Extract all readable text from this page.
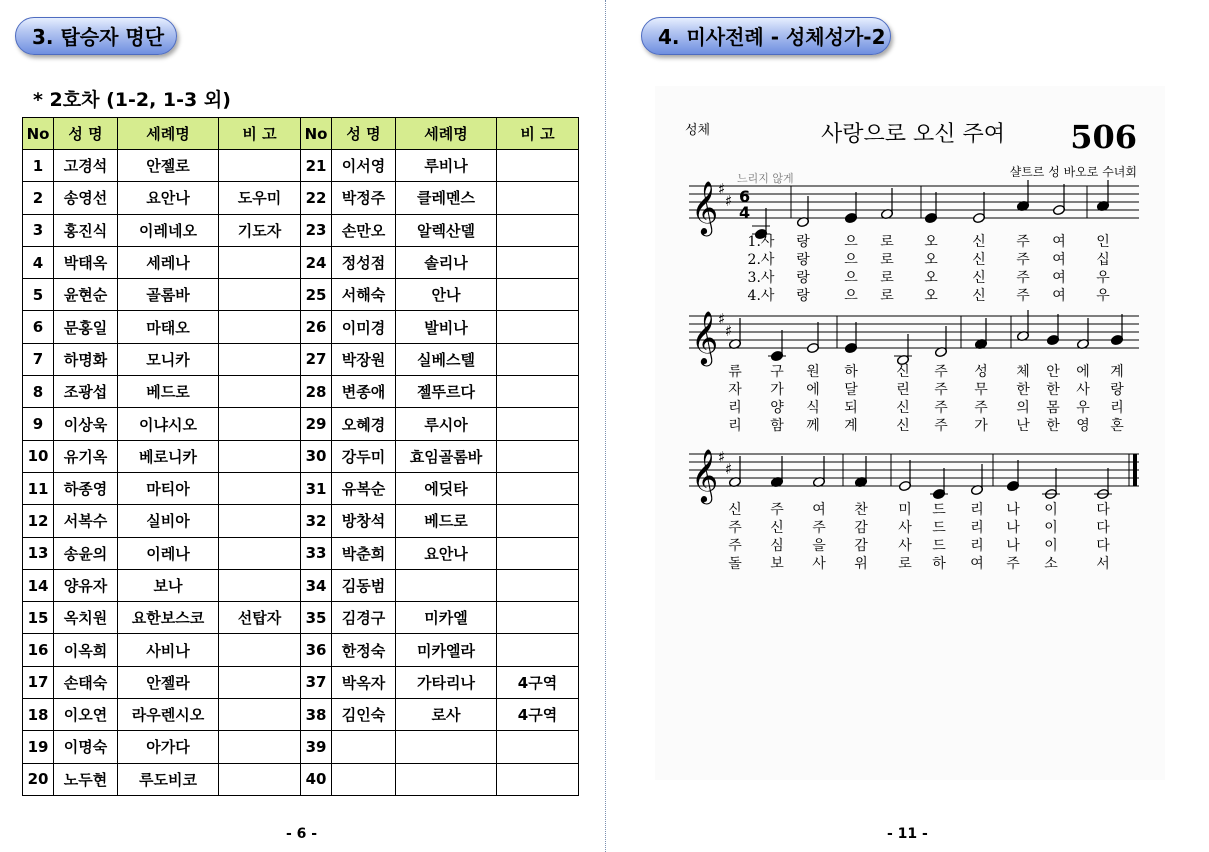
3. 탑승자 명단
* 2호차 (1-2, 1-3 외)
No	성 명	세례명	비 고	No	성 명	세례명	비 고
1	고경석	안젤로		21	이서영	루비나	
2	송영선	요안나	도우미	22	박정주	클레멘스	
3	홍진식	이레네오	기도자	23	손만오	알렉산델	
4	박태옥	세레나		24	정성점	솔리나	
5	윤현순	골롬바		25	서해숙	안나	
6	문홍일	마태오		26	이미경	발비나	
7	하명화	모니카		27	박장원	실베스텔	
8	조광섭	베드로		28	변종애	젤뚜르다	
9	이상욱	이냐시오		29	오혜경	루시아	
10	유기옥	베로니카		30	강두미	효임골롬바	
11	하종영	마티아		31	유복순	에딧타	
12	서복수	실비아		32	방창석	베드로	
13	송윤의	이레나		33	박춘희	요안나	
14	양유자	보나		34	김동범		
15	옥치원	요한보스코	선탑자	35	김경구	미카엘	
16	이옥희	사비나		36	한정숙	미카엘라	
17	손태숙	안젤라		37	박옥자	가타리나	4구역
18	이오연	라우렌시오		38	김인숙	로사	4구역
19	이명숙	아가다		39			
20	노두현	루도비코		40			
- 6 -
4. 미사전례 - 성체성가-2
성체	사랑으로 오신 주여 506
느리지 않게	샬트르 성 바오로 수녀회
𝄞 ♯
♯ 6
4
1.사 랑 으 로 오 신 주 여 인
2.사 랑 으 로 오 신 주 여 십
3.사 랑 으 로 오 신 주 여 우
4.사 랑 으 로 오 신 주 여 우
𝄞 ♯
♯
류 구 원 하	신 주 성 체 안 에 계
자 가 에 달	린 주 무 한 한 사 랑
리 양 식 되	신 주 주 의 몸 우 리
리 함 께 계	신 주 가 난 한 영 혼
𝄞 ♯
♯
신 주 여 찬 미 드 리 나 이	다
주 신 주 감 사 드 리 나 이	다
주 심 을 감 사 드 리 나 이	다
돌 보 사 위 로 하 여 주 소	서
- 11 -
